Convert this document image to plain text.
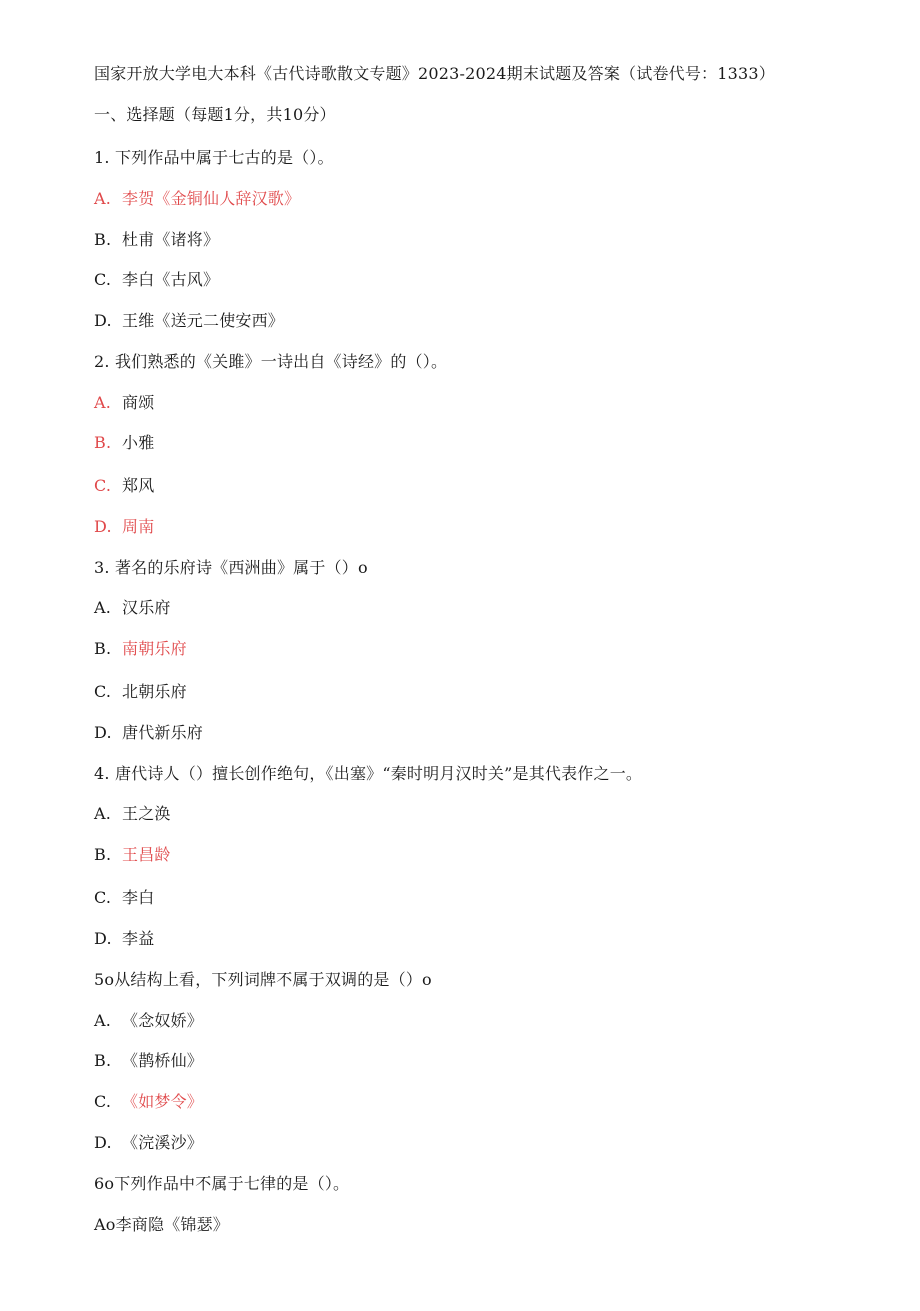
国家开放大学电大本科《古代诗歌散文专题》2023-2024期末试题及答案（试卷代号：1333）
一、选择题（每题1分，共10分）
1. 下列作品中属于七古的是（）。
A. 李贺《金铜仙人辞汉歌》
B. 杜甫《诸将》
C. 李白《古风》
D. 王维《送元二使安西》
2. 我们熟悉的《关雎》一诗出自《诗经》的（）。
A. 商颂
B. 小雅
C. 郑风
D. 周南
3. 著名的乐府诗《西洲曲》属于（）o
A. 汉乐府
B. 南朝乐府
C. 北朝乐府
D. 唐代新乐府
4. 唐代诗人（）擅长创作绝句，《出塞》“秦时明月汉时关”是其代表作之一。
A. 王之涣
B. 王昌龄
C. 李白
D. 李益
5o从结构上看，下列词牌不属于双调的是（）o
A. 《念奴娇》
B. 《鹊桥仙》
C. 《如梦令》
D. 《浣溪沙》
6o下列作品中不属于七律的是（）。
Ao李商隐《锦瑟》
